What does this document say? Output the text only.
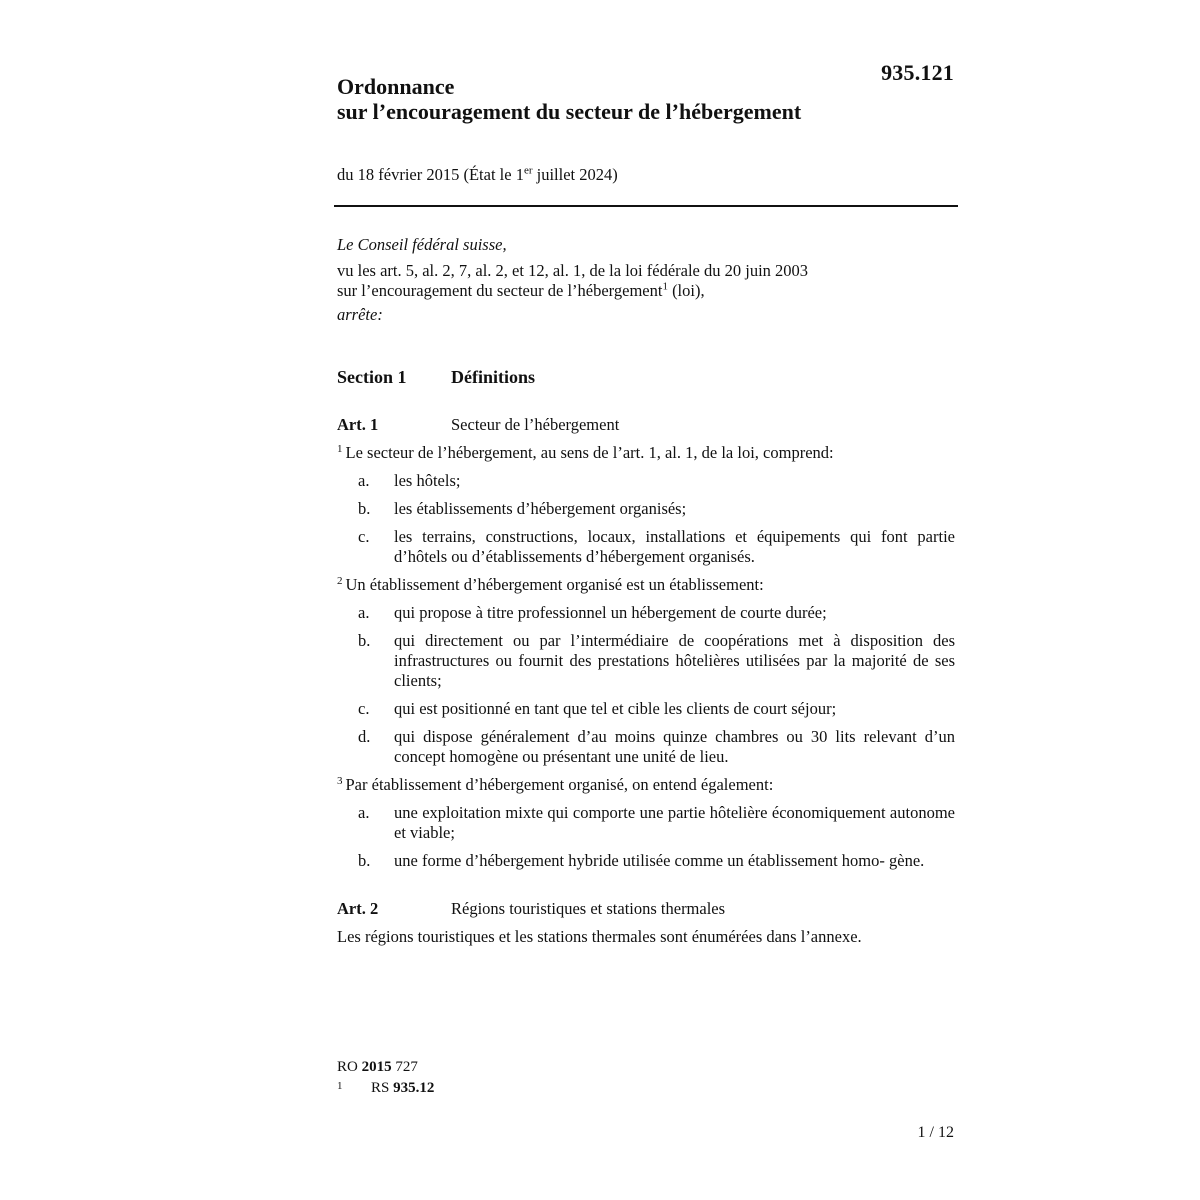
935.121
Ordonnance
sur l’encouragement du secteur de l’hébergement
du 18 février 2015 (État le 1er juillet 2024)

Le Conseil fédéral suisse,

vu les art. 5, al. 2, 7, al. 2, et 12, al. 1, de la loi fédérale du 20 juin 2003

sur l’encouragement du secteur de l’hébergement$^1$ (loi),

arrête:

Section 1	Définitions
Art. 1	Secteur de l’hébergement

$^1$ Le secteur de l’hébergement, au sens de l’art. 1, al. 1, de la loi, comprend:

a.	les hôtels;
b.	les établissements d’hébergement organisés;
c.	les terrains, constructions, locaux, installations et équipements qui font partie d’hôtels ou d’établissements d’hébergement organisés.

$^2$ Un établissement d’hébergement organisé est un établissement:

a.	qui propose à titre professionnel un hébergement de courte durée;
b.	qui directement ou par l’intermédiaire de coopérations met à disposition des infrastructures ou fournit des prestations hôtelières utilisées par la majorité de ses clients;
c.	qui est positionné en tant que tel et cible les clients de court séjour;
d.	qui dispose généralement d’au moins quinze chambres ou 30 lits relevant d’un concept homogène ou présentant une unité de lieu.

$^3$ Par établissement d’hébergement organisé, on entend également:

a.	une exploitation mixte qui comporte une partie hôtelière économiquement autonome et viable;
b.	une forme d’hébergement hybride utilisée comme un établissement homo- gène.
Art. 2	Régions touristiques et stations thermales

Les régions touristiques et les stations thermales sont énumérées dans l’annexe.

RO 2015 727
1	RS 935.12
1 / 12
